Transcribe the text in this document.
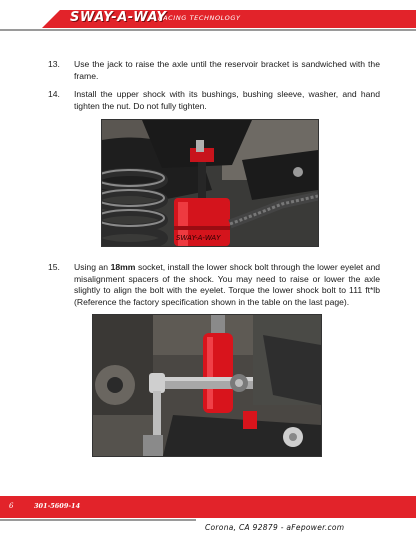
SWAY-A-WAY
RACING TECHNOLOGY
13.	Use the jack to raise the axle until the reservoir bracket is sandwiched with the frame.
14.	Install the upper shock with its bushings, bushing sleeve, washer, and hand tighten the nut. Do not fully tighten.
SWAY-A-WAY
15.	Using an 18mm socket, install the lower shock bolt through the lower eyelet and misalignment spacers of the shock. You may need to raise or lower the axle slightly to align the bolt with the eyelet. Torque the lower shock bolt to 111 ft*lb (Reference the factory specification shown in the table on the last page).
6	301-5609-14
Corona, CA 92879 - aFepower.com
